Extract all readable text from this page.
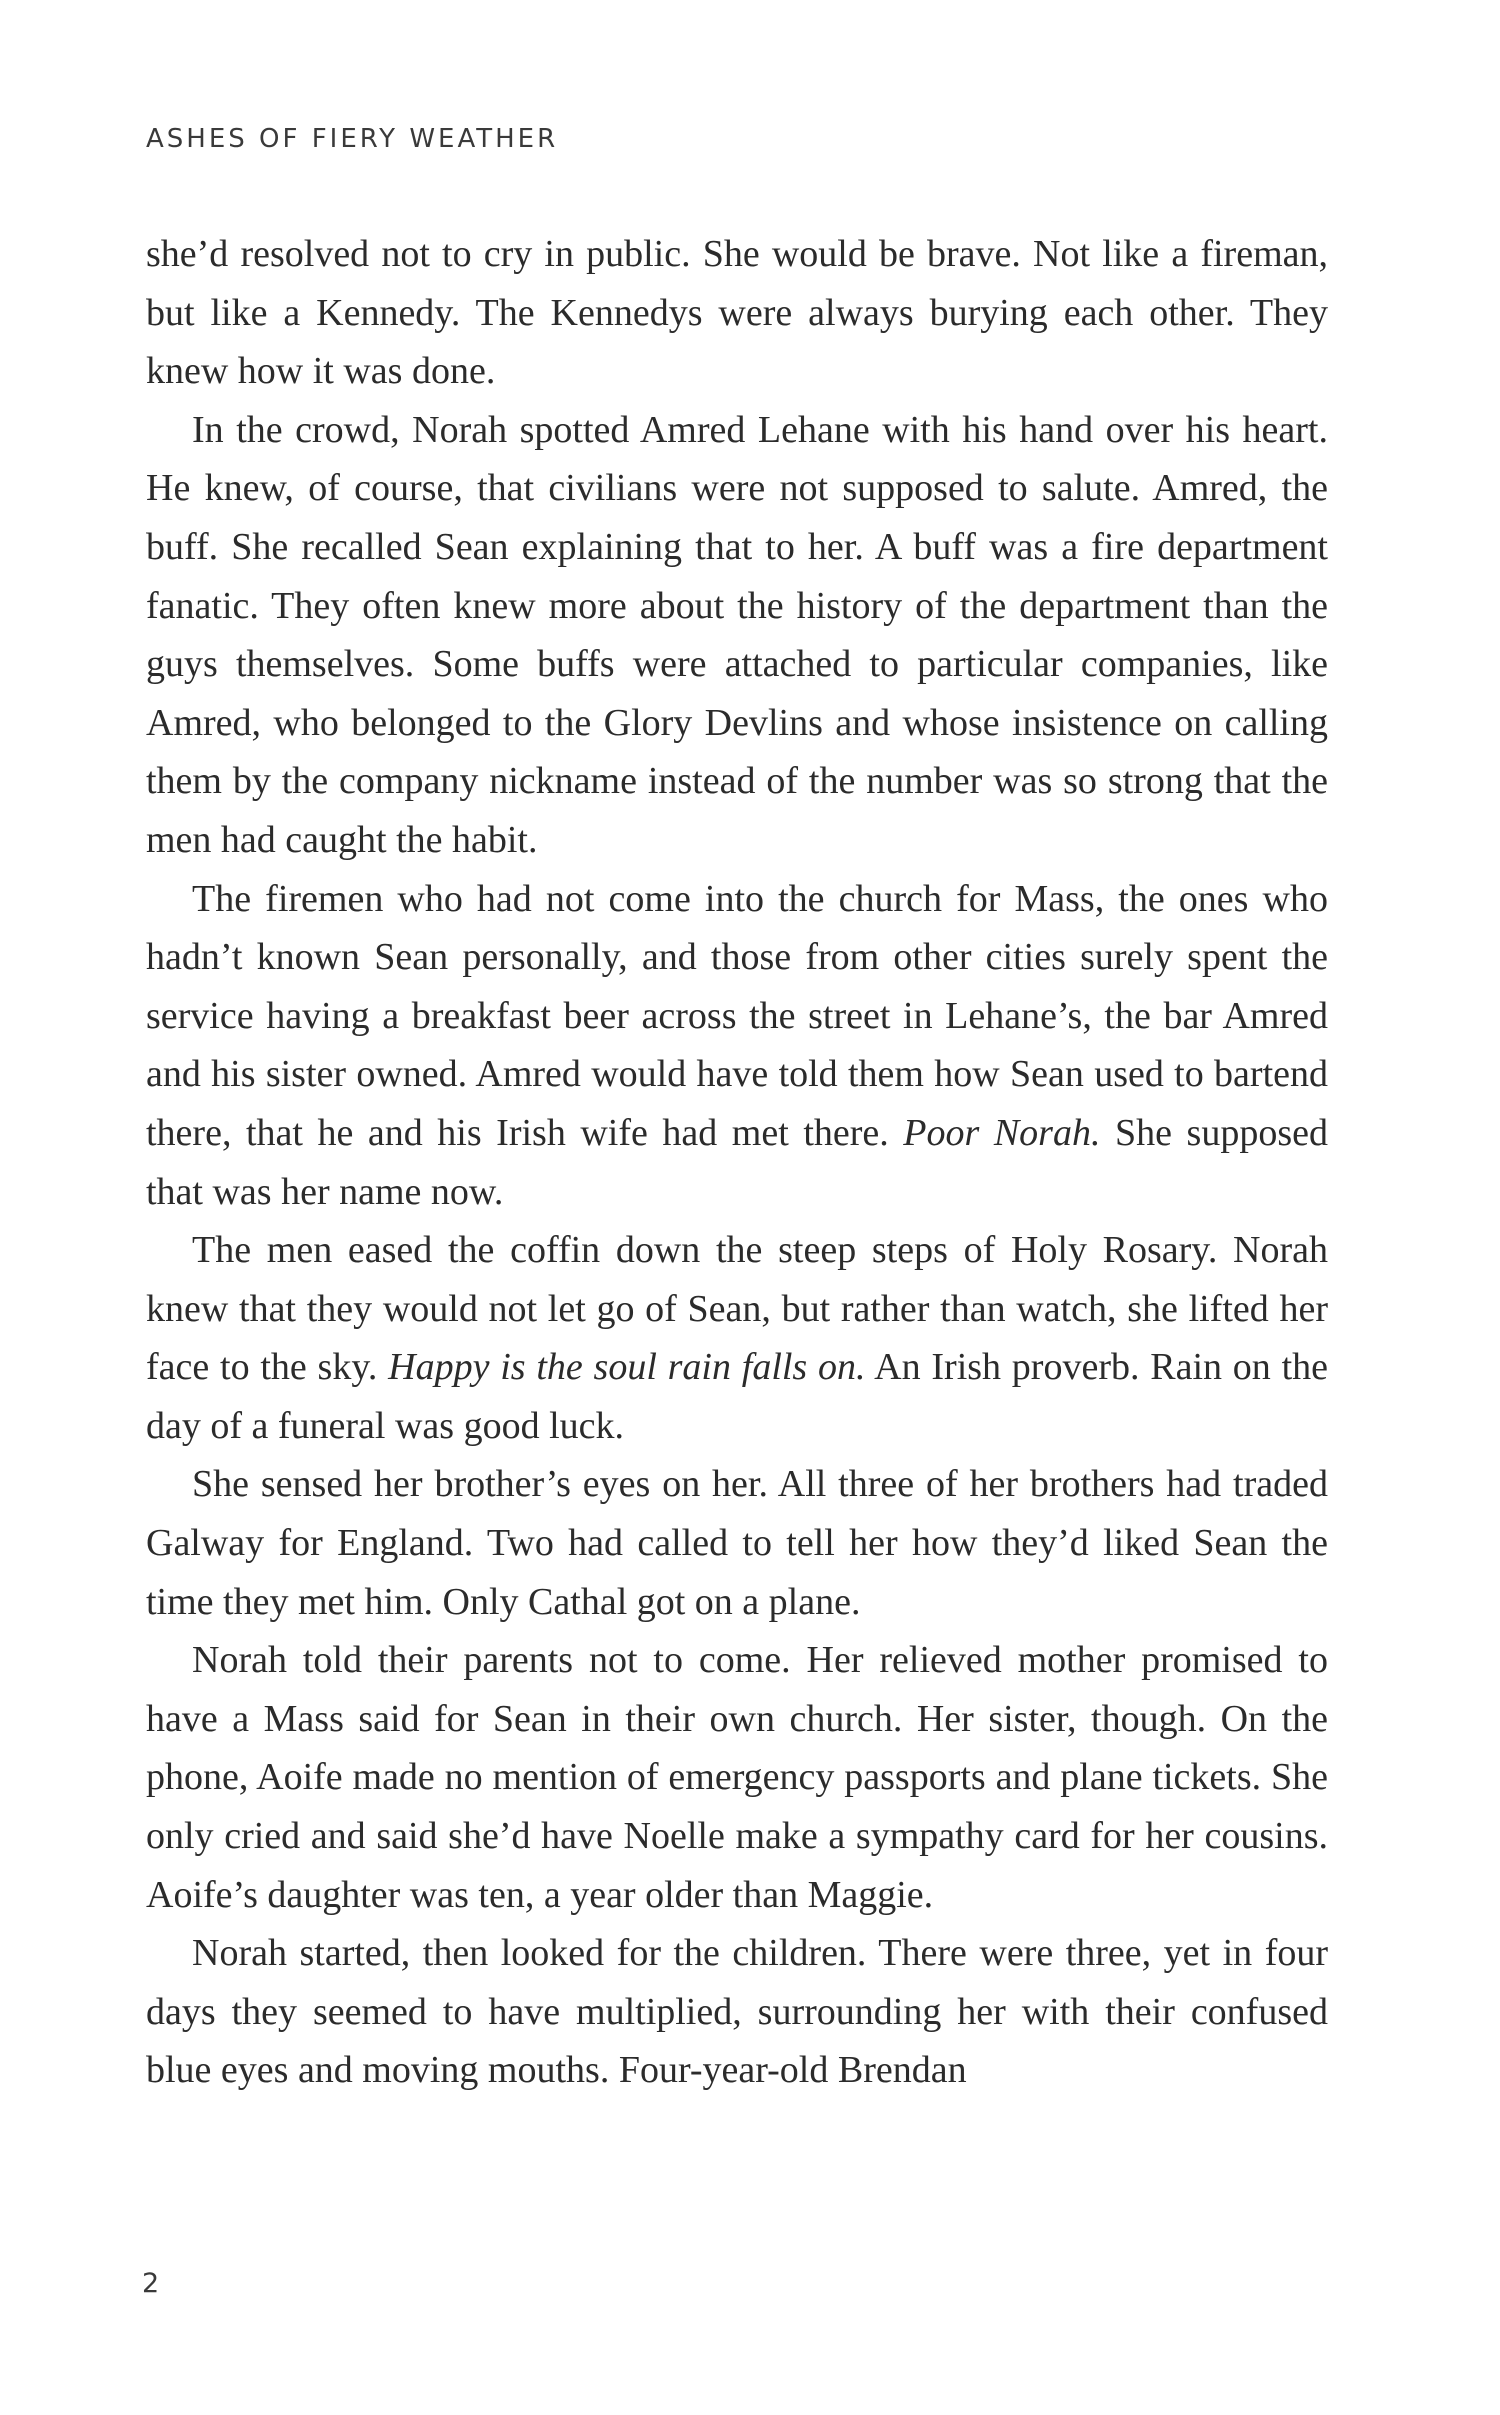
ASHES OF FIERY WEATHER

she’d resolved not to cry in public. She would be brave. Not like a fireman, but like a Kennedy. The Kennedys were always burying each other. They knew how it was done.

In the crowd, Norah spotted Amred Lehane with his hand over his heart. He knew, of course, that civilians were not supposed to salute. Amred, the buff. She recalled Sean explaining that to her. A buff was a fire department fanatic. They often knew more about the history of the department than the guys themselves. Some buffs were attached to particular companies, like Amred, who belonged to the Glory Devlins and whose insistence on calling them by the company nickname instead of the number was so strong that the men had caught the habit.

The firemen who had not come into the church for Mass, the ones who hadn’t known Sean personally, and those from other cities surely spent the service having a breakfast beer across the street in Lehane’s, the bar Amred and his sister owned. Amred would have told them how Sean used to bartend there, that he and his Irish wife had met there. Poor Norah. She supposed that was her name now.

The men eased the coffin down the steep steps of Holy Rosary. Norah knew that they would not let go of Sean, but rather than watch, she lifted her face to the sky. Happy is the soul rain falls on. An Irish proverb. Rain on the day of a funeral was good luck.

She sensed her brother’s eyes on her. All three of her brothers had traded Galway for England. Two had called to tell her how they’d liked Sean the time they met him. Only Cathal got on a plane.

Norah told their parents not to come. Her relieved mother promised to have a Mass said for Sean in their own church. Her sister, though. On the phone, Aoife made no mention of emergency passports and plane tickets. She only cried and said she’d have Noelle make a sympathy card for her cousins. Aoife’s daughter was ten, a year older than Maggie.

Norah started, then looked for the children. There were three, yet in four days they seemed to have multiplied, surrounding her with their confused blue eyes and moving mouths. Four-year-old Brendan

2
